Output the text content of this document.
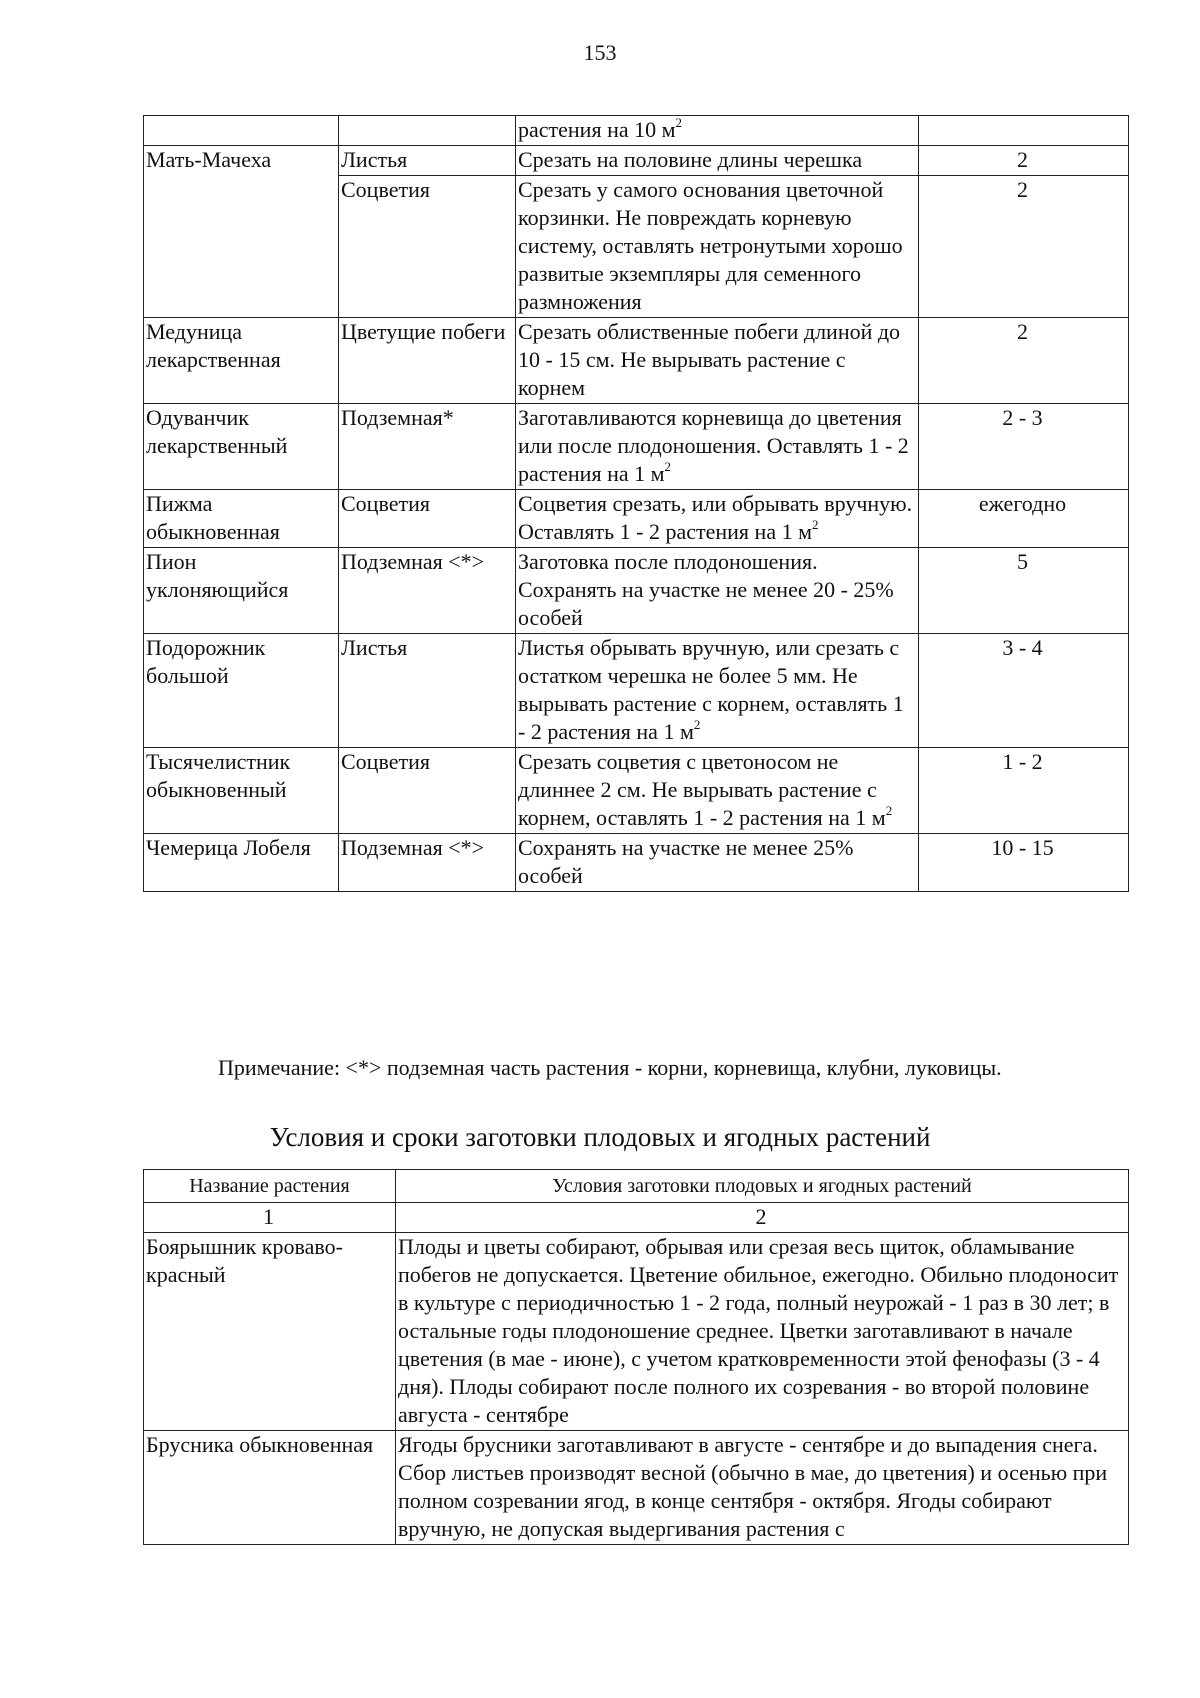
153
		растения на 10 $м^2$	
Мать-Мачеха	Листья	Срезать на половине длины черешка	2
	Соцветия	Срезать у самого основания цветочной корзинки. Не повреждать корневую систему, оставлять нетронутыми хорошо развитые экземпляры для семенного размножения	2
Медуница лекарственная	Цветущие побеги	Срезать облиственные побеги длиной до 10 - 15 см. Не вырывать растение с корнем	2
Одуванчик лекарственный	Подземная*	Заготавливаются корневища до цветения или после плодоношения. Оставлять 1 - 2 растения на 1 $м^2$	2 - 3
Пижма обыкновенная	Соцветия	Соцветия срезать, или обрывать вручную. Оставлять 1 - 2 растения на 1 $м^2$	ежегодно
Пион уклоняющийся	Подземная <*>	Заготовка после плодоношения. Сохранять на участке не менее 20 - 25% особей	5
Подорожник большой	Листья	Листья обрывать вручную, или срезать с остатком черешка не более 5 мм. Не вырывать растение с корнем, оставлять 1 - 2 растения на 1 $м^2$	3 - 4
Тысячелистник обыкновенный	Соцветия	Срезать соцветия с цветоносом не длиннее 2 см. Не вырывать растение с корнем, оставлять 1 - 2 растения на 1 $м^2$	1 - 2
Чемерица Лобеля	Подземная <*>	Сохранять на участке не менее 25% особей	10 - 15
Примечание: <*> подземная часть растения - корни, корневища, клубни, луковицы.
Условия и сроки заготовки плодовых и ягодных растений
Название растения	Условия заготовки плодовых и ягодных растений
1	2
Боярышник кроваво-красный	Плоды и цветы собирают, обрывая или срезая весь щиток, обламывание побегов не допускается. Цветение обильное, ежегодно. Обильно плодоносит в культуре с периодичностью 1 - 2 года, полный неурожай - 1 раз в 30 лет; в остальные годы плодоношение среднее. Цветки заготавливают в начале цветения (в мае - июне), с учетом кратковременности этой фенофазы (3 - 4 дня). Плоды собирают после полного их созревания - во второй половине августа - сентябре
Брусника обыкновенная	Ягоды брусники заготавливают в августе - сентябре и до выпадения снега. Сбор листьев производят весной (обычно в мае, до цветения) и осенью при полном созревании ягод, в конце сентября - октября. Ягоды собирают вручную, не допуская выдергивания растения с
